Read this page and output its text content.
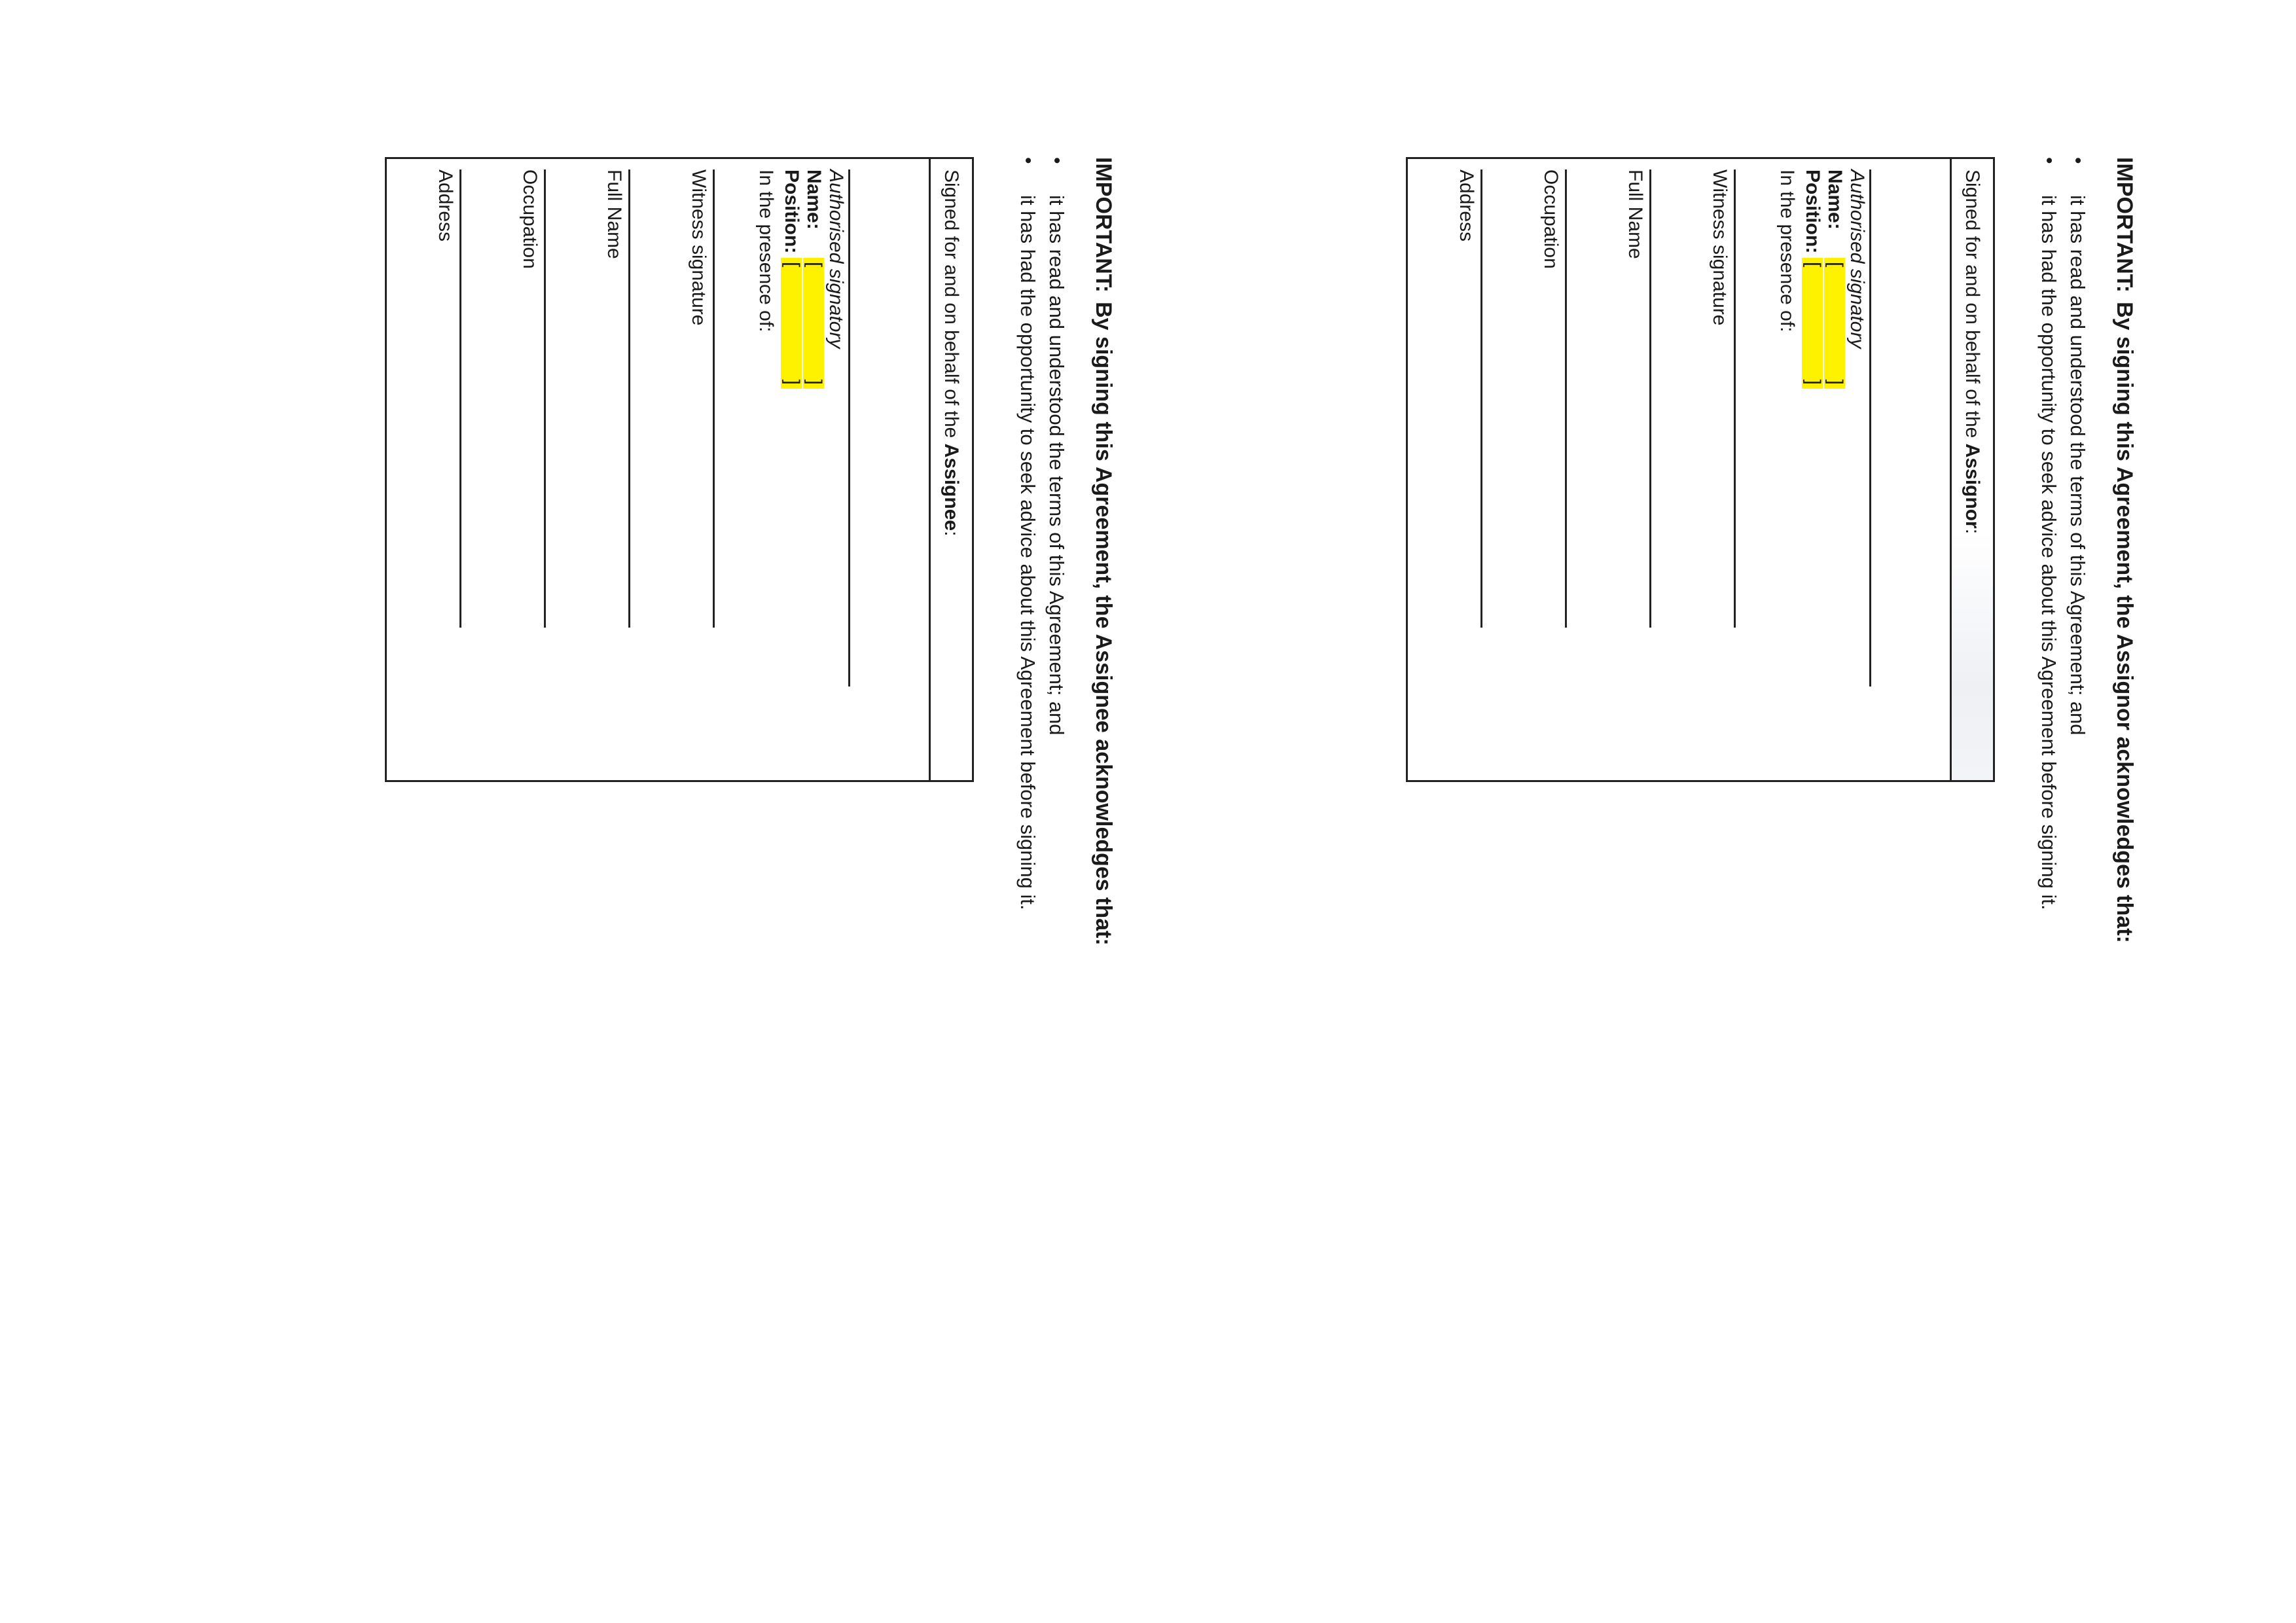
IMPORTANT:By signing this Agreement, the Assignor acknowledges that:

• it has read and understood the terms of this Agreement; and
• it has had the opportunity to seek advice about this Agreement before signing it.
Signed for and on behalf of the Assignor:
Authorised signatory
Name:
[
]
Position:
[
]
In the presence of:
Witness signature
Full Name
Occupation
Address

IMPORTANT:By signing this Agreement, the Assignee acknowledges that:

• it has read and understood the terms of this Agreement; and
• it has had the opportunity to seek advice about this Agreement before signing it.
Signed for and on behalf of the Assignee:
Authorised signatory
Name:
[
]
Position:
[
]
In the presence of:
Witness signature
Full Name
Occupation
Address
